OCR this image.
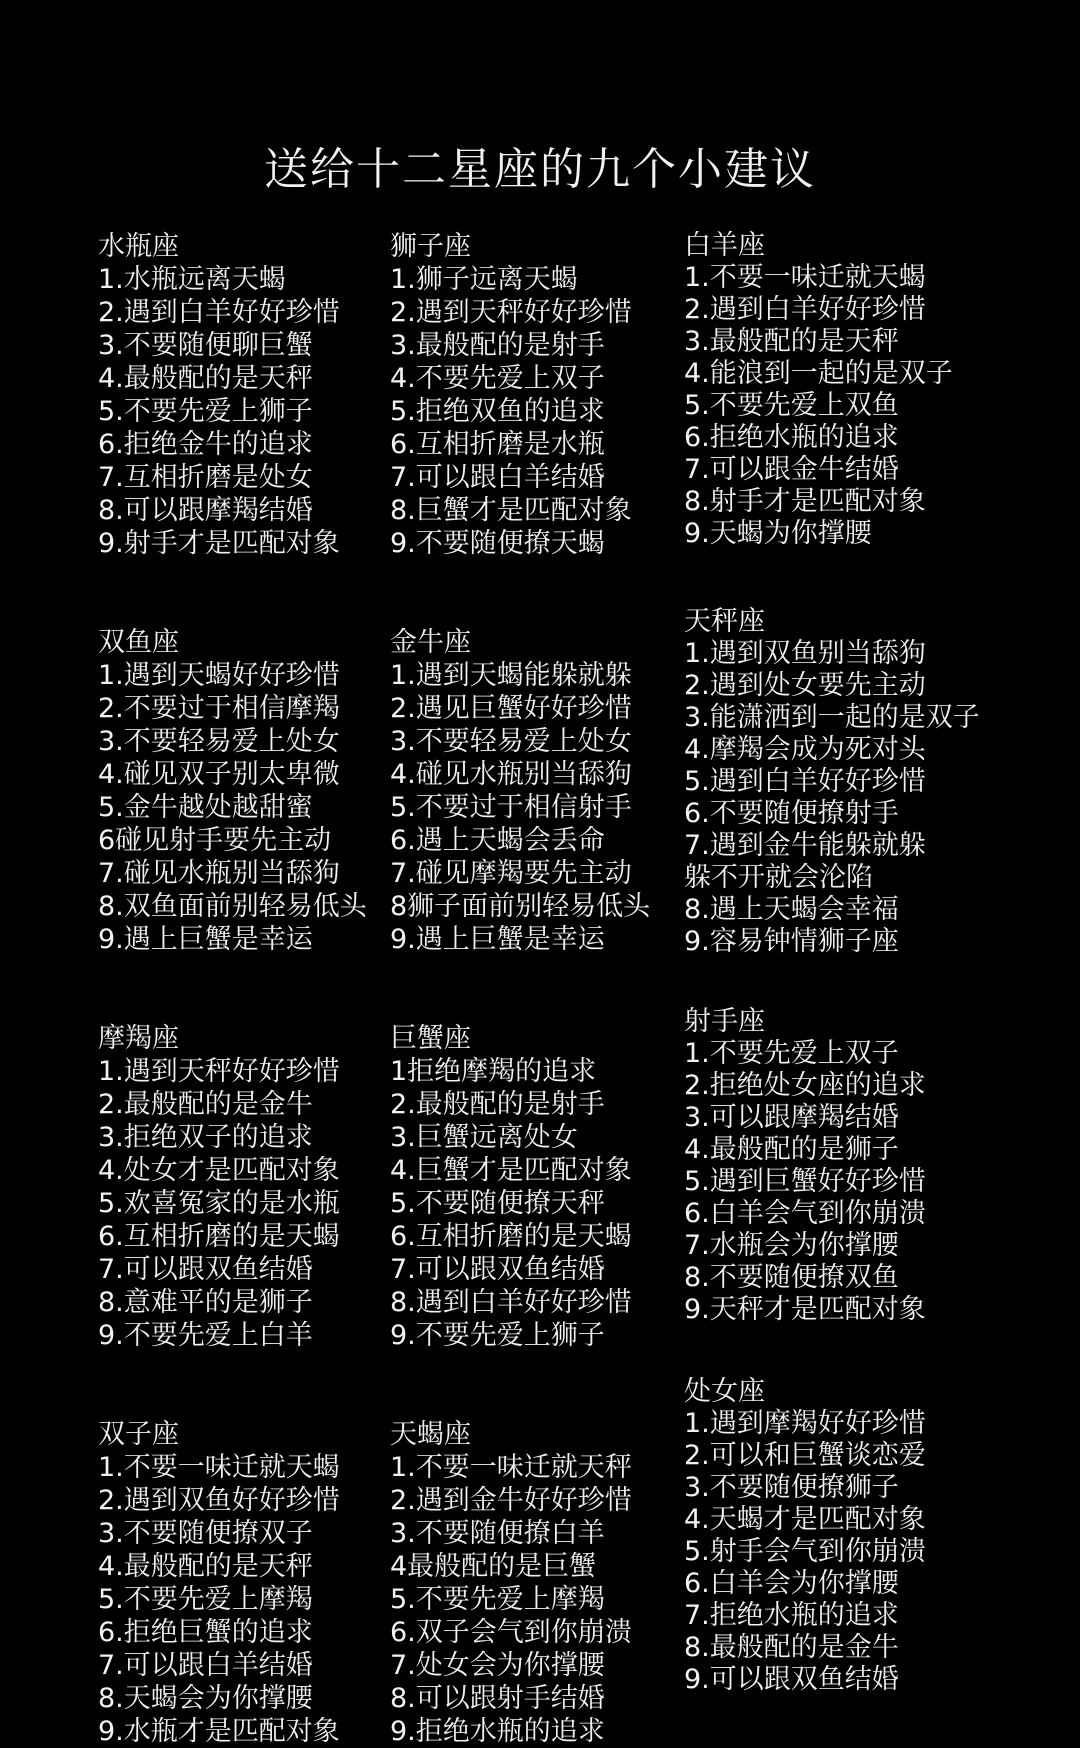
送给十二星座的九个小建议
水瓶座
1.水瓶远离天蝎
2.遇到白羊好好珍惜
3.不要随便聊巨蟹
4.最般配的是天秤
5.不要先爱上狮子
6.拒绝金牛的追求
7.互相折磨是处女
8.可以跟摩羯结婚
9.射手才是匹配对象
双鱼座
1.遇到天蝎好好珍惜
2.不要过于相信摩羯
3.不要轻易爱上处女
4.碰见双子别太卑微
5.金牛越处越甜蜜
6碰见射手要先主动
7.碰见水瓶别当舔狗
8.双鱼面前别轻易低头
9.遇上巨蟹是幸运
摩羯座
1.遇到天秤好好珍惜
2.最般配的是金牛
3.拒绝双子的追求
4.处女才是匹配对象
5.欢喜冤家的是水瓶
6.互相折磨的是天蝎
7.可以跟双鱼结婚
8.意难平的是狮子
9.不要先爱上白羊
双子座
1.不要一味迁就天蝎
2.遇到双鱼好好珍惜
3.不要随便撩双子
4.最般配的是天秤
5.不要先爱上摩羯
6.拒绝巨蟹的追求
7.可以跟白羊结婚
8.天蝎会为你撑腰
9.水瓶才是匹配对象
狮子座
1.狮子远离天蝎
2.遇到天秤好好珍惜
3.最般配的是射手
4.不要先爱上双子
5.拒绝双鱼的追求
6.互相折磨是水瓶
7.可以跟白羊结婚
8.巨蟹才是匹配对象
9.不要随便撩天蝎
金牛座
1.遇到天蝎能躲就躲
2.遇见巨蟹好好珍惜
3.不要轻易爱上处女
4.碰见水瓶别当舔狗
5.不要过于相信射手
6.遇上天蝎会丢命
7.碰见摩羯要先主动
8狮子面前别轻易低头
9.遇上巨蟹是幸运
巨蟹座
1拒绝摩羯的追求
2.最般配的是射手
3.巨蟹远离处女
4.巨蟹才是匹配对象
5.不要随便撩天秤
6.互相折磨的是天蝎
7.可以跟双鱼结婚
8.遇到白羊好好珍惜
9.不要先爱上狮子
天蝎座
1.不要一味迁就天秤
2.遇到金牛好好珍惜
3.不要随便撩白羊
4最般配的是巨蟹
5.不要先爱上摩羯
6.双子会气到你崩溃
7.处女会为你撑腰
8.可以跟射手结婚
9.拒绝水瓶的追求
白羊座
1.不要一味迁就天蝎
2.遇到白羊好好珍惜
3.最般配的是天秤
4.能浪到一起的是双子
5.不要先爱上双鱼
6.拒绝水瓶的追求
7.可以跟金牛结婚
8.射手才是匹配对象
9.天蝎为你撑腰
天秤座
1.遇到双鱼别当舔狗
2.遇到处女要先主动
3.能潇洒到一起的是双子
4.摩羯会成为死对头
5.遇到白羊好好珍惜
6.不要随便撩射手
7.遇到金牛能躲就躲
躲不开就会沦陷
8.遇上天蝎会幸福
9.容易钟情狮子座
射手座
1.不要先爱上双子
2.拒绝处女座的追求
3.可以跟摩羯结婚
4.最般配的是狮子
5.遇到巨蟹好好珍惜
6.白羊会气到你崩溃
7.水瓶会为你撑腰
8.不要随便撩双鱼
9.天秤才是匹配对象
处女座
1.遇到摩羯好好珍惜
2.可以和巨蟹谈恋爱
3.不要随便撩狮子
4.天蝎才是匹配对象
5.射手会气到你崩溃
6.白羊会为你撑腰
7.拒绝水瓶的追求
8.最般配的是金牛
9.可以跟双鱼结婚
